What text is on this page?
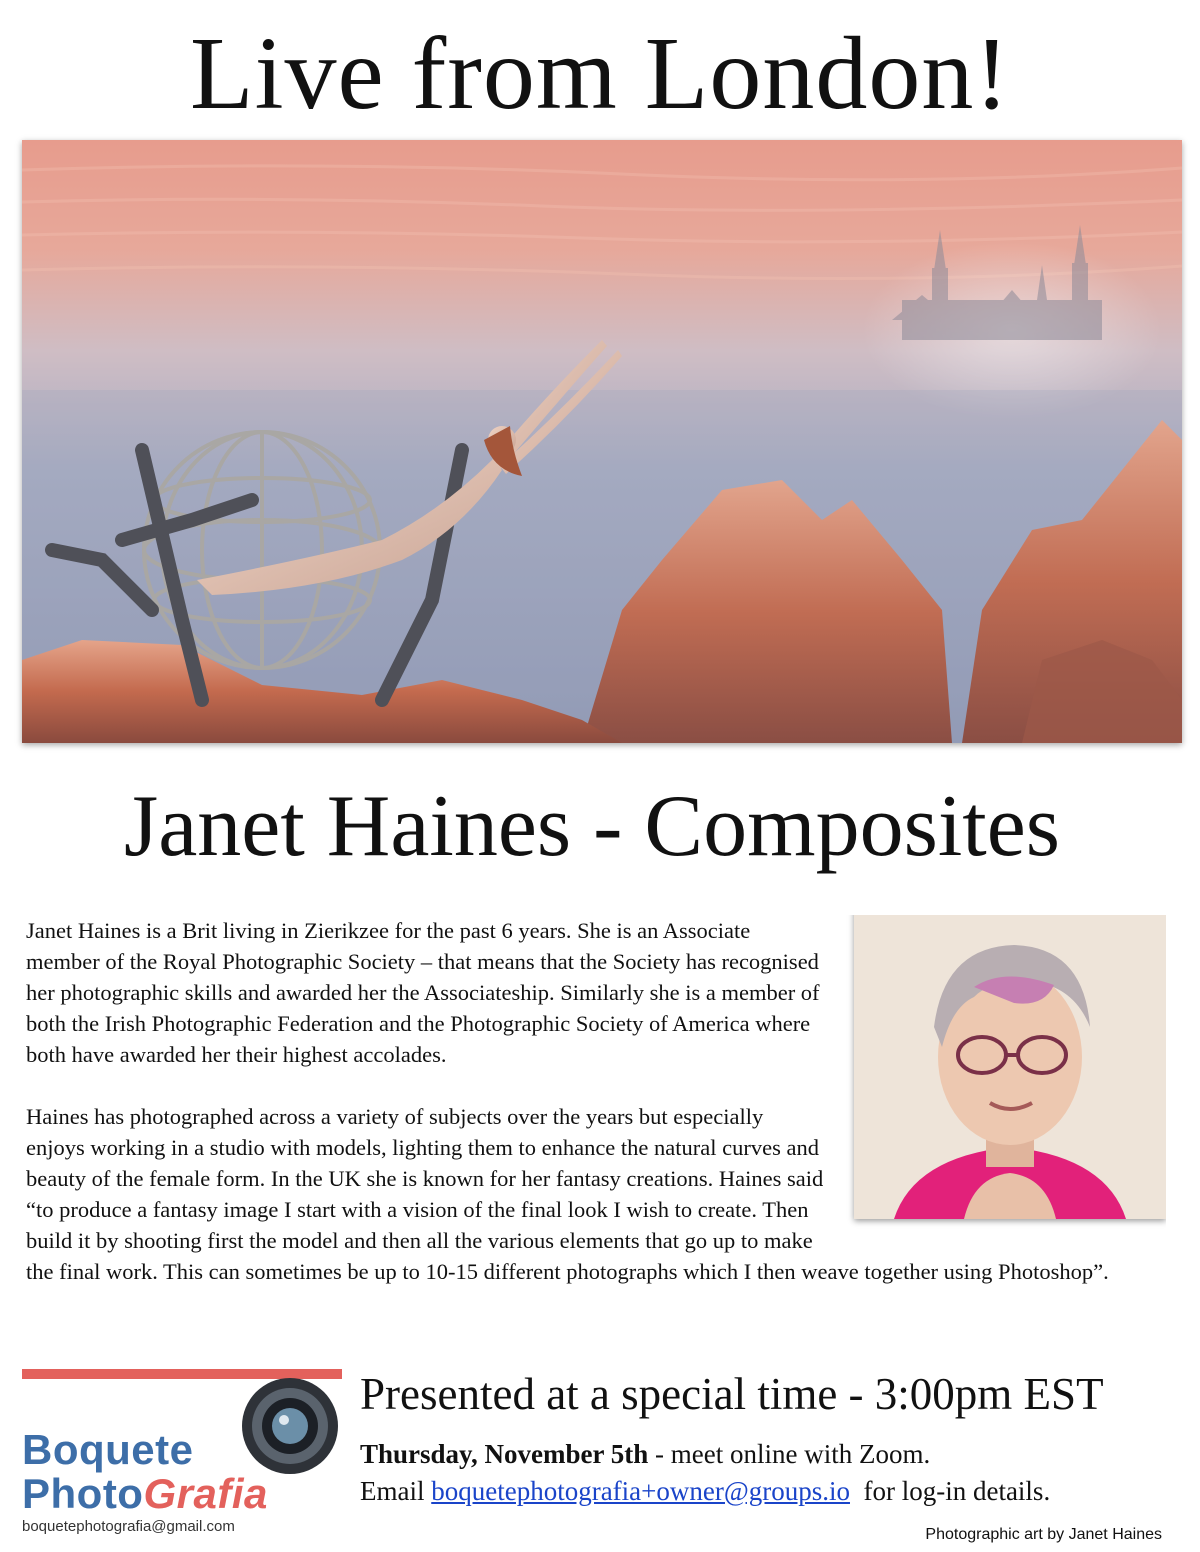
Live from London!
Janet Haines - Composites

Janet Haines is a Brit living in Zierikzee for the past 6 years. She is an Associate member of the Royal Photographic Society – that means that the Society has recognised her photographic skills and awarded her the Associateship. Similarly she is a member of both the Irish Photographic Federation and the Photographic Society of America where both have awarded her their highest accolades.

Haines has photographed across a variety of subjects over the years but especially enjoys working in a studio with models, lighting them to enhance the natural curves and beauty of the female form. In the UK she is known for her fantasy creations. Haines said “to produce a fantasy image I start with a vision of the final look I wish to create. Then build it by shooting first the model and then all the various elements that go up to make the final work. This can sometimes be up to 10-15 different photographs which I then weave together using Photoshop”.

Boquete
PhotoGrafia
boquetephotografia@gmail.com
Presented at a special time - 3:00pm EST
Thursday, November 5th - meet online with Zoom.
Email boquetephotografia+owner@groups.io  for log-in details.
Photographic art by Janet Haines
